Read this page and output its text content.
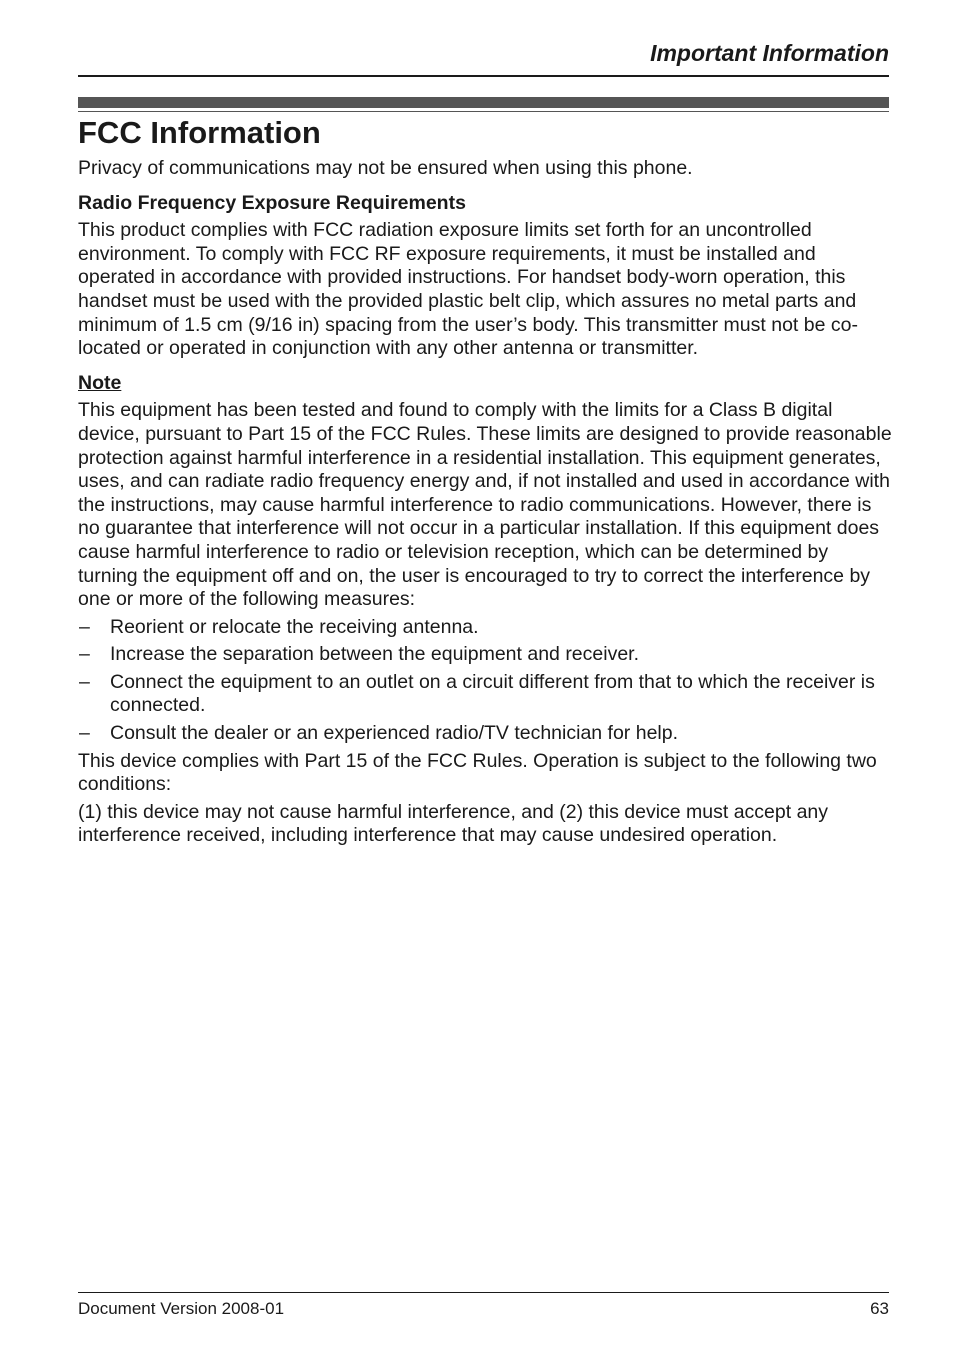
Important Information
FCC Information

Privacy of communications may not be ensured when using this phone.

Radio Frequency Exposure Requirements

This product complies with FCC radiation exposure limits set forth for an uncontrolled environment. To comply with FCC RF exposure requirements, it must be installed and operated in accordance with provided instructions. For handset body-worn operation, this handset must be used with the provided plastic belt clip, which assures no metal parts and minimum of 1.5 cm (9/16 in) spacing from the user’s body. This transmitter must not be co-located or operated in conjunction with any other antenna or transmitter.

Note

This equipment has been tested and found to comply with the limits for a Class B digital device, pursuant to Part 15 of the FCC Rules. These limits are designed to provide reasonable protection against harmful interference in a residential installation. This equipment generates, uses, and can radiate radio frequency energy and, if not installed and used in accordance with the instructions, may cause harmful interference to radio communications. However, there is no guarantee that interference will not occur in a particular installation. If this equipment does cause harmful interference to radio or television reception, which can be determined by turning the equipment off and on, the user is encouraged to try to correct the interference by one or more of the following measures:

– Reorient or relocate the receiving antenna.
– Increase the separation between the equipment and receiver.
– Connect the equipment to an outlet on a circuit different from that to which the receiver is connected.
– Consult the dealer or an experienced radio/TV technician for help.

This device complies with Part 15 of the FCC Rules. Operation is subject to the following two conditions:

(1) this device may not cause harmful interference, and (2) this device must accept any interference received, including interference that may cause undesired operation.

Document Version 2008-01	63
